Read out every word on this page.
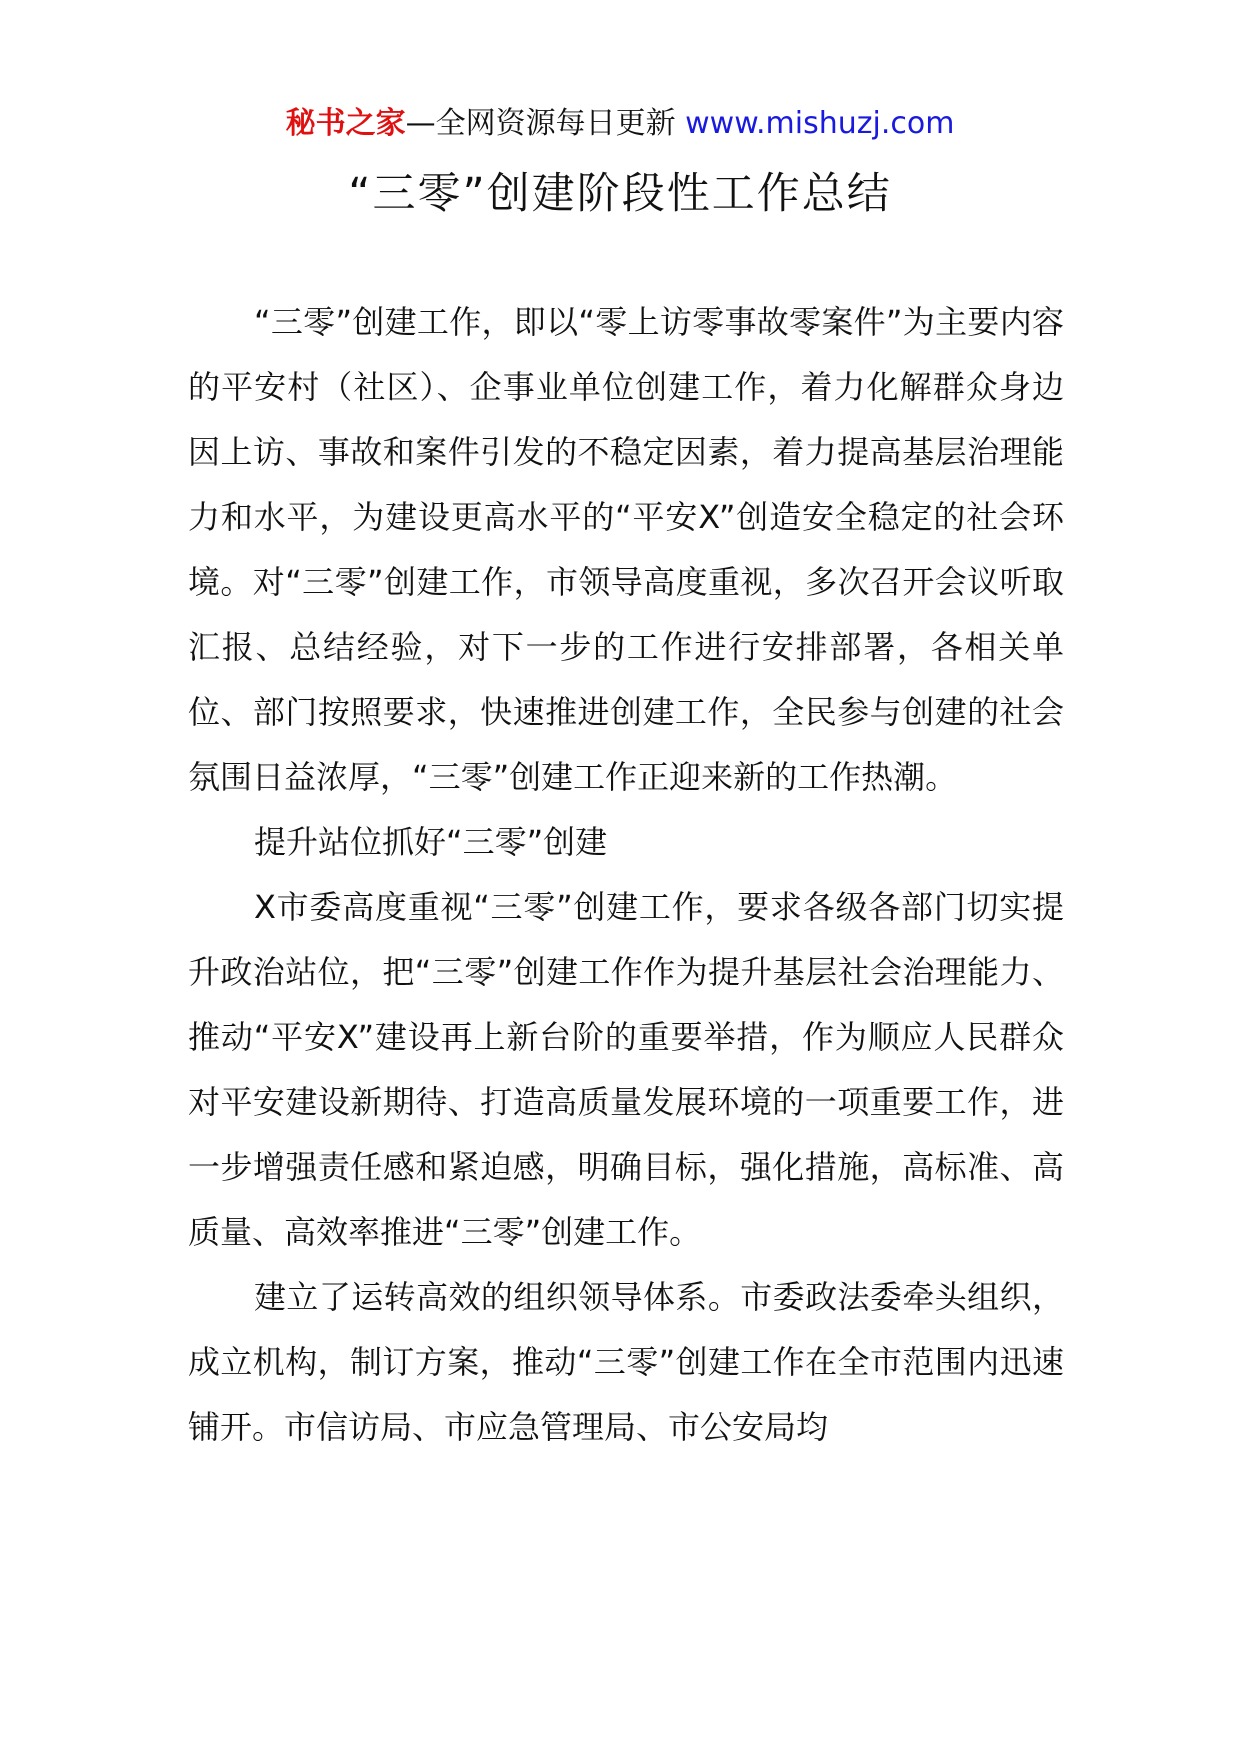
秘书之家—全网资源每日更新 www.mishuzj.com
“三零”创建阶段性工作总结

“三零”创建工作，即以“零上访零事故零案件”为主要内容的平安村（社区）、企事业单位创建工作，着力化解群众身边因上访、事故和案件引发的不稳定因素，着力提高基层治理能力和水平，为建设更高水平的“平安X”创造安全稳定的社会环境。对“三零”创建工作，市领导高度重视，多次召开会议听取汇报、总结经验，对下一步的工作进行安排部署，各相关单位、部门按照要求，快速推进创建工作，全民参与创建的社会氛围日益浓厚，“三零”创建工作正迎来新的工作热潮。

提升站位抓好“三零”创建

X市委高度重视“三零”创建工作，要求各级各部门切实提升政治站位，把“三零”创建工作作为提升基层社会治理能力、推动“平安X”建设再上新台阶的重要举措，作为顺应人民群众对平安建设新期待、打造高质量发展环境的一项重要工作，进一步增强责任感和紧迫感，明确目标，强化措施，高标准、高质量、高效率推进“三零”创建工作。

建立了运转高效的组织领导体系。市委政法委牵头组织，成立机构，制订方案，推动“三零”创建工作在全市范围内迅速铺开。市信访局、市应急管理局、市公安局均
